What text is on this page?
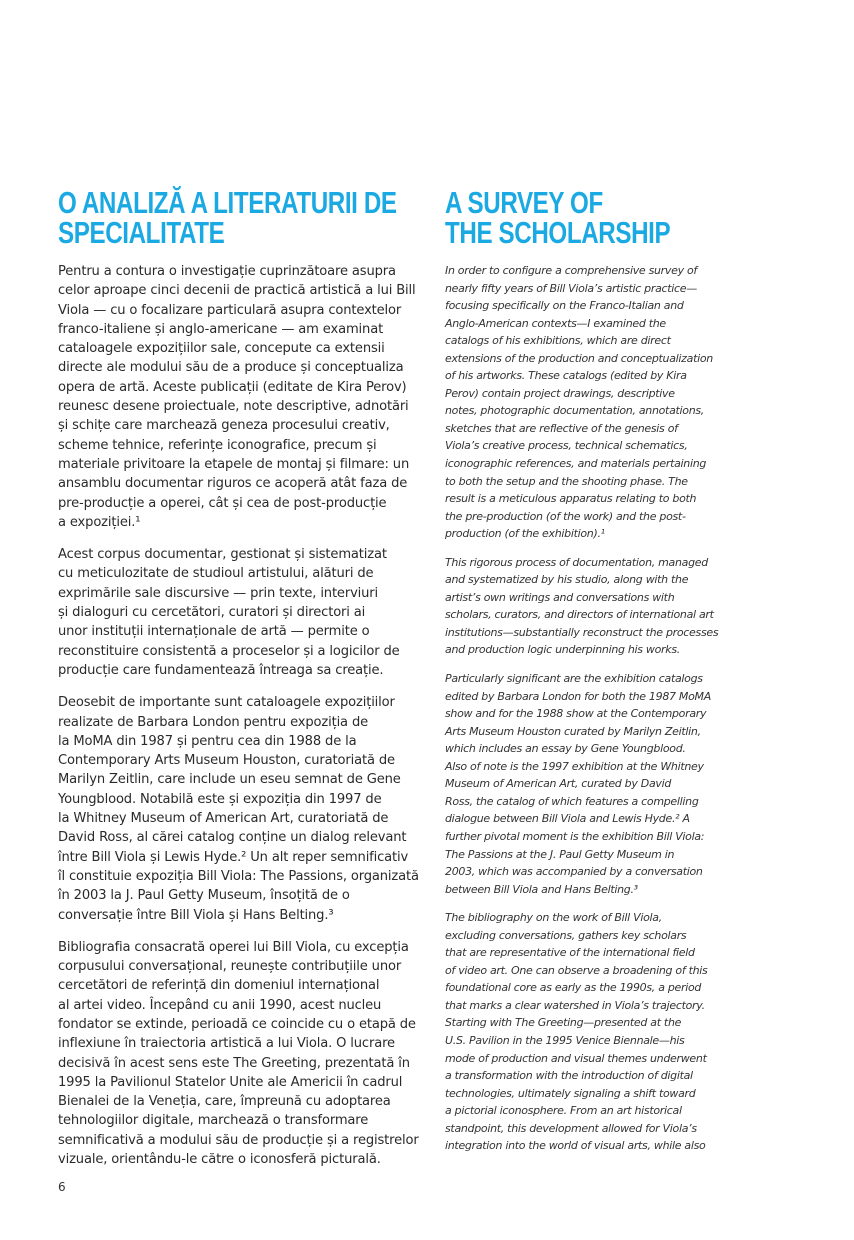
O ANALIZĂ A LITERATURII DE
SPECIALITATE

Pentru a contura o investigație cuprinzătoare asupra
celor aproape cinci decenii de practică artistică a lui Bill
Viola — cu o focalizare particulară asupra contextelor
franco-italiene și anglo-americane — am examinat
cataloagele expozițiilor sale, concepute ca extensii
directe ale modului său de a produce și conceptualiza
opera de artă. Aceste publicații (editate de Kira Perov)
reunesc desene proiectuale, note descriptive, adnotări
și schițe care marchează geneza procesului creativ,
scheme tehnice, referințe iconografice, precum și
materiale privitoare la etapele de montaj și filmare: un
ansamblu documentar riguros ce acoperă atât faza de
pre-producție a operei, cât și cea de post-producție
a expoziției.¹

Acest corpus documentar, gestionat și sistematizat
cu meticulozitate de studioul artistului, alături de
exprimările sale discursive — prin texte, interviuri
și dialoguri cu cercetători, curatori și directori ai
unor instituții internaționale de artă — permite o
reconstituire consistentă a proceselor și a logicilor de
producție care fundamentează întreaga sa creație.

Deosebit de importante sunt cataloagele expozițiilor
realizate de Barbara London pentru expoziția de
la MoMA din 1987 și pentru cea din 1988 de la
Contemporary Arts Museum Houston, curatoriată de
Marilyn Zeitlin, care include un eseu semnat de Gene
Youngblood. Notabilă este și expoziția din 1997 de
la Whitney Museum of American Art, curatoriată de
David Ross, al cărei catalog conține un dialog relevant
între Bill Viola și Lewis Hyde.² Un alt reper semnificativ
îl constituie expoziția Bill Viola: The Passions, organizată
în 2003 la J. Paul Getty Museum, însoțită de o
conversație între Bill Viola și Hans Belting.³

Bibliografia consacrată operei lui Bill Viola, cu excepția
corpusului conversațional, reunește contribuțiile unor
cercetători de referință din domeniul internațional
al artei video. Începând cu anii 1990, acest nucleu
fondator se extinde, perioadă ce coincide cu o etapă de
inflexiune în traiectoria artistică a lui Viola. O lucrare
decisivă în acest sens este The Greeting, prezentată în
1995 la Pavilionul Statelor Unite ale Americii în cadrul
Bienalei de la Veneția, care, împreună cu adoptarea
tehnologiilor digitale, marchează o transformare
semnificativă a modului său de producție și a registrelor
vizuale, orientându-le către o iconosferă picturală.

A SURVEY OF
THE SCHOLARSHIP

In order to configure a comprehensive survey of
nearly fifty years of Bill Viola’s artistic practice—
focusing specifically on the Franco-Italian and
Anglo-American contexts—I examined the
catalogs of his exhibitions, which are direct
extensions of the production and conceptualization
of his artworks. These catalogs (edited by Kira
Perov) contain project drawings, descriptive
notes, photographic documentation, annotations,
sketches that are reflective of the genesis of
Viola’s creative process, technical schematics,
iconographic references, and materials pertaining
to both the setup and the shooting phase. The
result is a meticulous apparatus relating to both
the pre-production (of the work) and the post-
production (of the exhibition).¹

This rigorous process of documentation, managed
and systematized by his studio, along with the
artist’s own writings and conversations with
scholars, curators, and directors of international art
institutions—substantially reconstruct the processes
and production logic underpinning his works.

Particularly significant are the exhibition catalogs
edited by Barbara London for both the 1987 MoMA
show and for the 1988 show at the Contemporary
Arts Museum Houston curated by Marilyn Zeitlin,
which includes an essay by Gene Youngblood.
Also of note is the 1997 exhibition at the Whitney
Museum of American Art, curated by David
Ross, the catalog of which features a compelling
dialogue between Bill Viola and Lewis Hyde.² A
further pivotal moment is the exhibition Bill Viola:
The Passions at the J. Paul Getty Museum in
2003, which was accompanied by a conversation
between Bill Viola and Hans Belting.³

The bibliography on the work of Bill Viola,
excluding conversations, gathers key scholars
that are representative of the international field
of video art. One can observe a broadening of this
foundational core as early as the 1990s, a period
that marks a clear watershed in Viola’s trajectory.
Starting with The Greeting—presented at the
U.S. Pavilion in the 1995 Venice Biennale—his
mode of production and visual themes underwent
a transformation with the introduction of digital
technologies, ultimately signaling a shift toward
a pictorial iconosphere. From an art historical
standpoint, this development allowed for Viola’s
integration into the world of visual arts, while also

6
